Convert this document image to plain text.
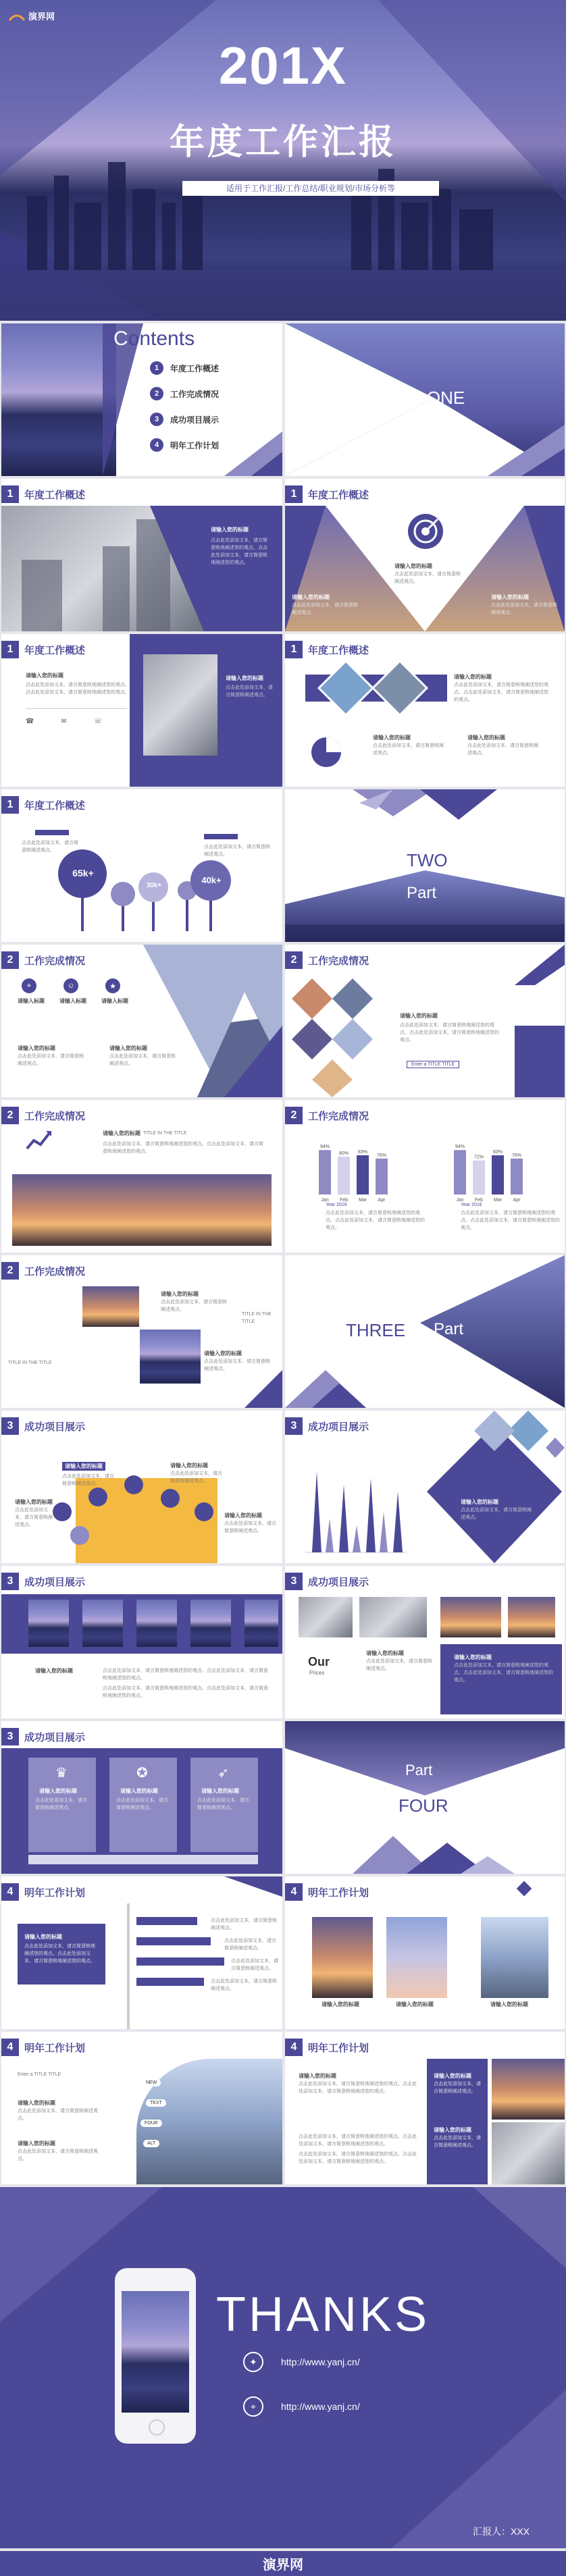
演界网
201X
年度工作汇报
适用于工作汇报/工作总结/职业规划/市场分析等
Contents
1	年度工作概述
2	工作完成情况
3	成功项目展示
4	明年工作计划
Part ONE
1	年度工作概述
请输入您的标题
点击此处添加文本，请言简意赅地阐述您的观点。点击此处添加文本，请言简意赅地阐述您的观点。
1	年度工作概述
请输入您的标题
点击此处添加文本，请言简意赅阐述观点。
请输入您的标题
点击此处添加文本，请言简意赅阐述观点。
请输入您的标题
点击此处添加文本，请言简意赅阐述观点。
1	年度工作概述
请输入您的标题
点击此处添加文本，请言简意赅地阐述您的观点。点击此处添加文本，请言简意赅地阐述您的观点。
☎	✉	☏
请输入您的标题
点击此处添加文本，请言简意赅阐述观点。
1	年度工作概述
请输入您的标题
点击此处添加文本，请言简意赅地阐述您的观点。点击此处添加文本，请言简意赅地阐述您的观点。
请输入您的标题
点击此处添加文本，请言简意赅阐述观点。
请输入您的标题
点击此处添加文本，请言简意赅阐述观点。
1	年度工作概述
65k+
30k+
40k+
点击此处添加文本，请言简意赅阐述观点。
点击此处添加文本，请言简意赅阐述观点。	TWO
Part
2	工作完成情况
⌖	☺	★
请输入标题	请输入标题	请输入标题
请输入您的标题
点击此处添加文本，请言简意赅阐述观点。
请输入您的标题
点击此处添加文本，请言简意赅阐述观点。
2	工作完成情况
请输入您的标题
点击此处添加文本，请言简意赅地阐述您的观点。点击此处添加文本，请言简意赅地阐述您的观点。
Enter a TITLE TITLE
2	工作完成情况
请输入您的标题 TITLE IN THE TITLE
点击此处添加文本，请言简意赅地阐述您的观点。点击此处添加文本，请言简意赅地阐述您的观点。
2	工作完成情况
94%
Jan
80%
Feb
83%
Mar
76%
Apr
94%
Jan
72%
Feb
83%
Mar
76%
Apr
Year 2016	Year 2016
点击此处添加文本，请言简意赅地阐述您的观点。点击此处添加文本，请言简意赅地阐述您的观点。
点击此处添加文本，请言简意赅地阐述您的观点。点击此处添加文本，请言简意赅地阐述您的观点。
2	工作完成情况
请输入您的标题
点击此处添加文本，请言简意赅阐述观点。
TITLE IN THE TITLE
TITLE IN THE TITLE
请输入您的标题
点击此处添加文本，请言简意赅阐述观点。
THREE Part
3	成功项目展示
请输入您的标题
点击此处添加文本，请言简意赅阐述观点。
请输入您的标题
点击此处添加文本，请言简意赅阐述观点。
请输入您的标题
点击此处添加文本，请言简意赅阐述观点。
请输入您的标题
点击此处添加文本，请言简意赅阐述观点。
3	成功项目展示
请输入您的标题
点击此处添加文本，请言简意赅阐述观点。
3	成功项目展示
请输入您的标题	点击此处添加文本，请言简意赅地阐述您的观点。点击此处添加文本，请言简意赅地阐述您的观点。
点击此处添加文本，请言简意赅地阐述您的观点。点击此处添加文本，请言简意赅地阐述您的观点。
3	成功项目展示
Our
Prices
请输入您的标题
点击此处添加文本，请言简意赅阐述观点。
请输入您的标题
点击此处添加文本，请言简意赅地阐述您的观点。点击此处添加文本，请言简意赅地阐述您的观点。
3	成功项目展示
♛	✪	➶
请输入您的标题
点击此处添加文本，请言简意赅阐述观点。
请输入您的标题
点击此处添加文本，请言简意赅阐述观点。
请输入您的标题
点击此处添加文本，请言简意赅阐述观点。
Part
FOUR
4	明年工作计划
请输入您的标题
点击此处添加文本，请言简意赅地阐述您的观点。点击此处添加文本，请言简意赅地阐述您的观点。
点击此处添加文本，请言简意赅阐述观点。
点击此处添加文本，请言简意赅阐述观点。
点击此处添加文本，请言简意赅阐述观点。
点击此处添加文本，请言简意赅阐述观点。
4	明年工作计划
请输入您的标题	请输入您的标题	请输入您的标题
4	明年工作计划
Enter a TITLE TITLE
请输入您的标题
点击此处添加文本，请言简意赅阐述观点。
请输入您的标题
点击此处添加文本，请言简意赅阐述观点。
NEW
TEXT
FOUR
ALT
4	明年工作计划
请输入您的标题
点击此处添加文本，请言简意赅地阐述您的观点。点击此处添加文本，请言简意赅地阐述您的观点。
点击此处添加文本，请言简意赅地阐述您的观点。点击此处添加文本，请言简意赅地阐述您的观点。
点击此处添加文本，请言简意赅地阐述您的观点。点击此处添加文本，请言简意赅地阐述您的观点。
请输入您的标题
点击此处添加文本，请言简意赅阐述观点。
请输入您的标题
点击此处添加文本，请言简意赅阐述观点。
THANKS
✦	http://www.yanj.cn/
⌖	http://www.yanj.cn/
汇报人：XXX
演界网
